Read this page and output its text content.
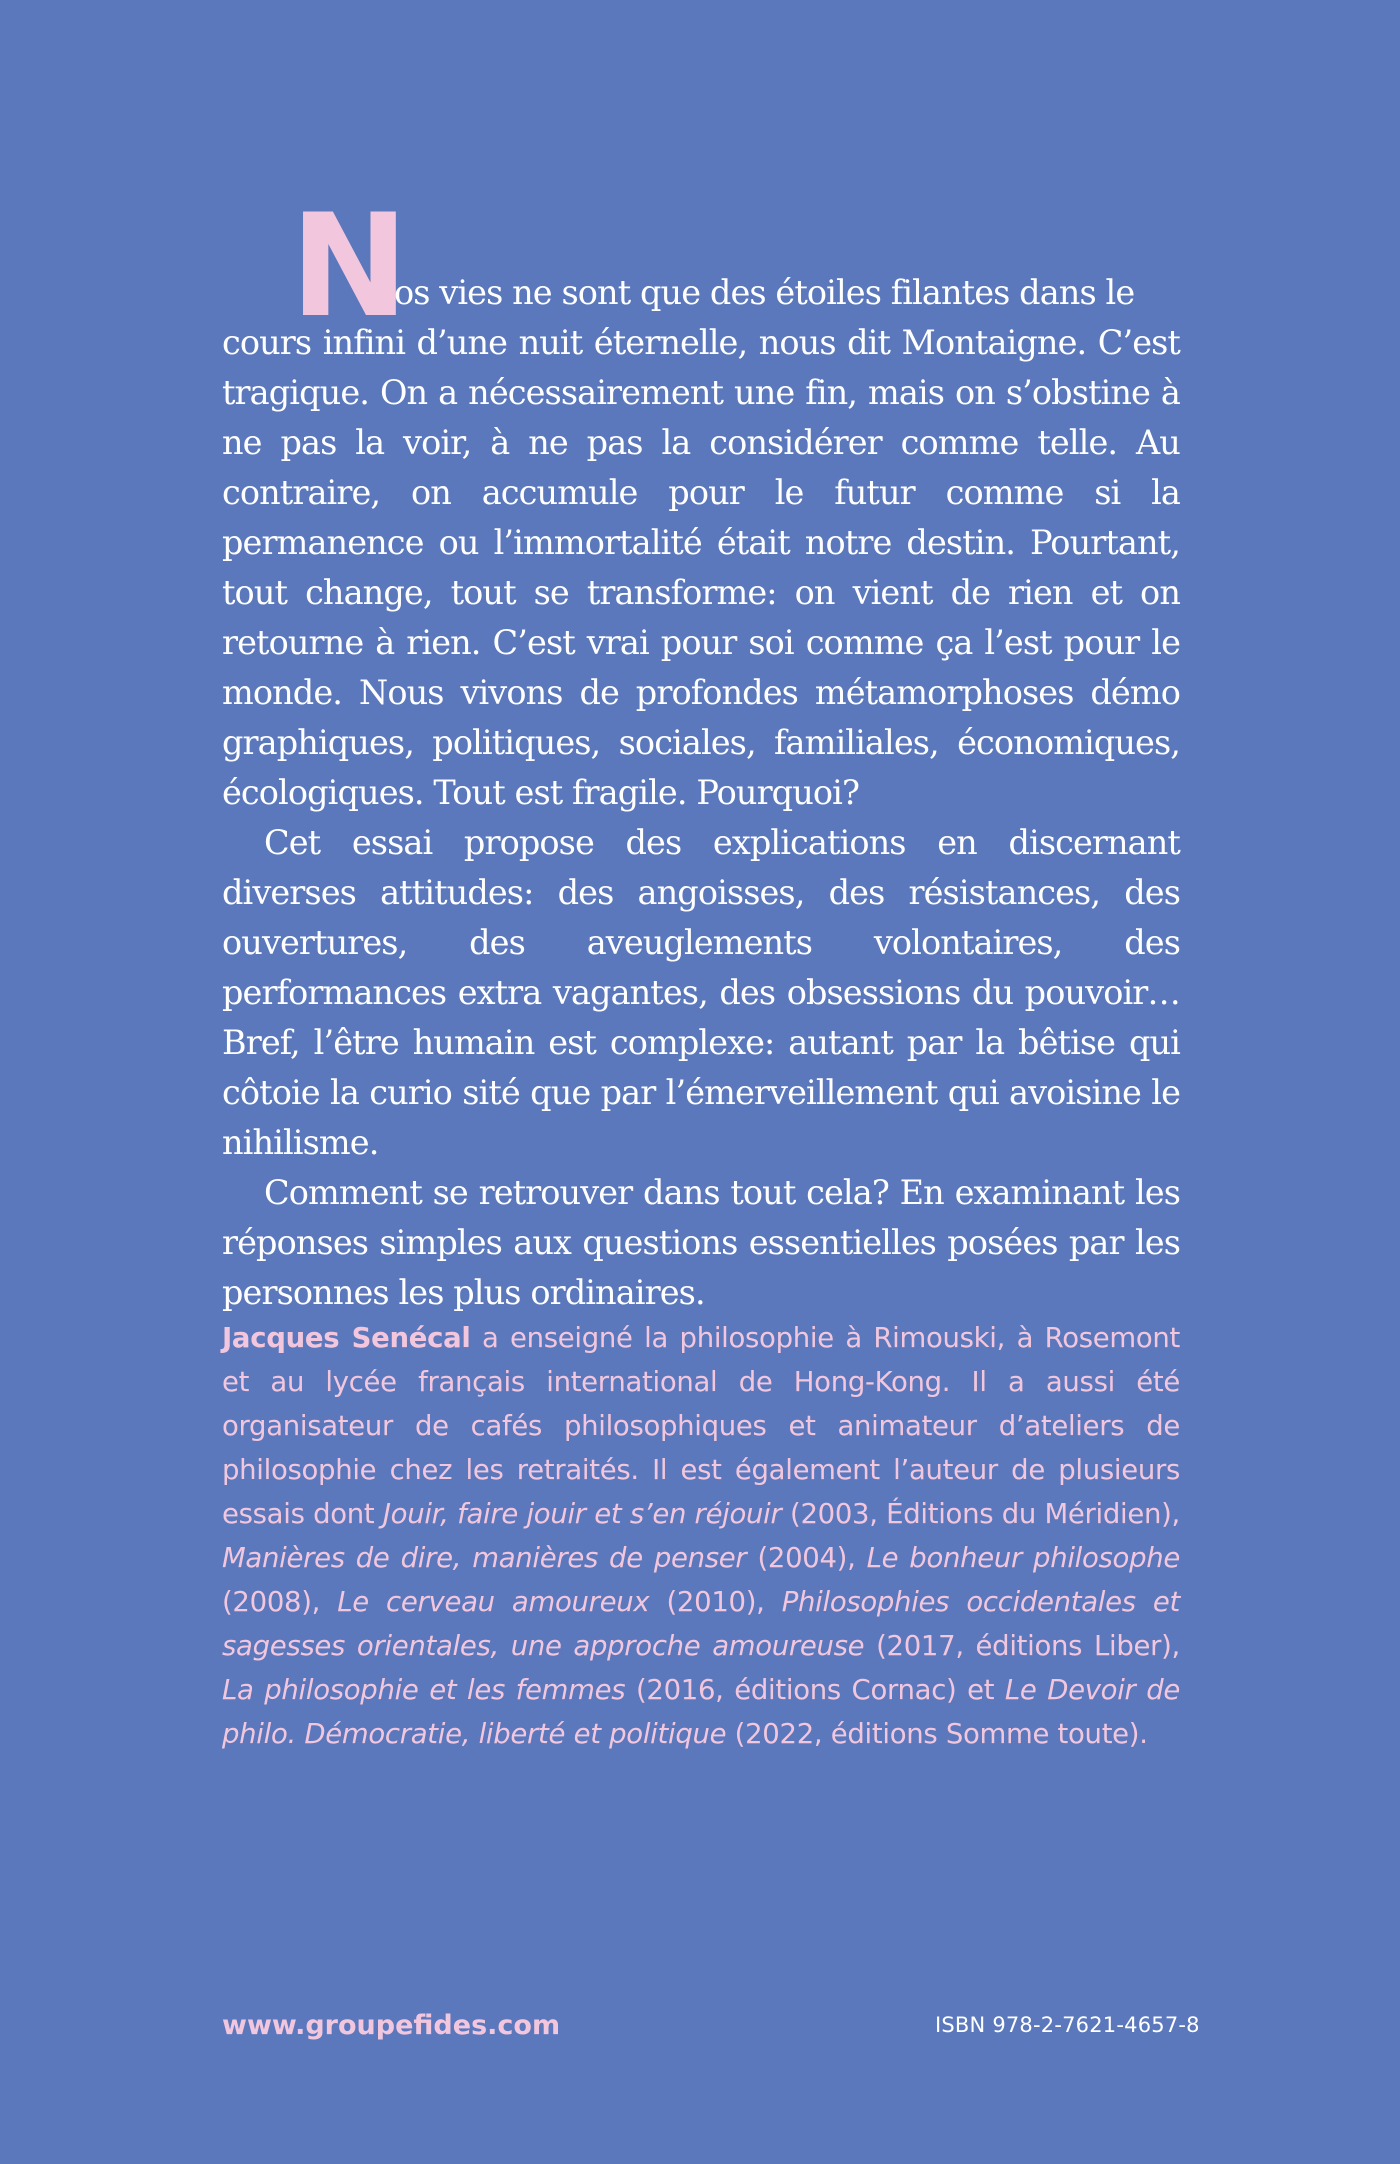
N

os vies ne sont que des étoiles filantes dans le
cours infini d’une nuit éternelle, nous dit Montaigne. C’est tragique. On a nécessairement une fin, mais on s’obstine à ne pas la voir, à ne pas la considérer comme telle. Au contraire, on accumule pour le futur comme si la permanence ou l’immortalité était notre destin. Pourtant, tout change, tout se transforme: on vient de rien et on retourne à rien. C’est vrai pour soi comme ça l’est pour le monde. Nous vivons de profondes métamorphoses démo graphiques, politiques, sociales, familiales, économiques, écologiques. Tout est fragile. Pourquoi?

Cet essai propose des explications en discernant diverses attitudes: des angoisses, des résistances, des ouvertures, des aveuglements volontaires, des performances extra vagantes, des obsessions du pouvoir… Bref, l’être humain est complexe: autant par la bêtise qui côtoie la curio sité que par l’émerveillement qui avoisine le nihilisme.

Comment se retrouver dans tout cela? En examinant les réponses simples aux questions essentielles posées par les personnes les plus ordinaires.

Jacques Senécal a enseigné la philosophie à Rimouski, à Rosemont et au lycée français international de Hong-Kong. Il a aussi été organisateur de cafés philosophiques et animateur d’ateliers de philosophie chez les retraités. Il est également l’auteur de plusieurs essais dont Jouir, faire jouir et s’en réjouir (2003, Éditions du Méridien), Manières de dire, manières de penser (2004), Le bonheur philosophe (2008), Le cerveau amoureux (2010), Philosophies occidentales et sagesses orientales, une approche amoureuse (2017, éditions Liber), La philosophie et les femmes (2016, éditions Cornac) et Le Devoir de philo. Démocratie, liberté et politique (2022, éditions Somme toute).
www.groupefides.com	ISBN 978-2-7621-4657-8
